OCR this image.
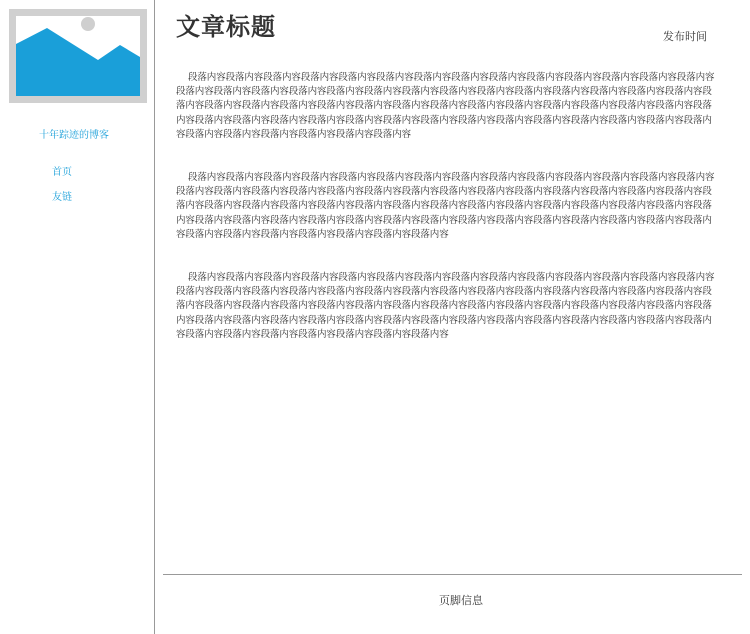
十年踪迹的博客
首页
友链
文章标题	发布时间

段落内容段落内容段落内容段落内容段落内容段落内容段落内容段落内容段落内容段落内容段落内容段落内容段落内容段落内容段落内容段落内容段落内容段落内容段落内容段落内容段落内容段落内容段落内容段落内容段落内容段落内容段落内容段落内容段落内容段落内容段落内容段落内容段落内容段落内容段落内容段落内容段落内容段落内容段落内容段落内容段落内容段落内容段落内容段落内容段落内容段落内容段落内容段落内容段落内容段落内容段落内容段落内容段落内容段落内容段落内容段落内容段落内容段落内容段落内容段落内容段落内容段落内容段落内容

段落内容段落内容段落内容段落内容段落内容段落内容段落内容段落内容段落内容段落内容段落内容段落内容段落内容段落内容段落内容段落内容段落内容段落内容段落内容段落内容段落内容段落内容段落内容段落内容段落内容段落内容段落内容段落内容段落内容段落内容段落内容段落内容段落内容段落内容段落内容段落内容段落内容段落内容段落内容段落内容段落内容段落内容段落内容段落内容段落内容段落内容段落内容段落内容段落内容段落内容段落内容段落内容段落内容段落内容段落内容段落内容段落内容段落内容段落内容段落内容段落内容段落内容段落内容段落内容

段落内容段落内容段落内容段落内容段落内容段落内容段落内容段落内容段落内容段落内容段落内容段落内容段落内容段落内容段落内容段落内容段落内容段落内容段落内容段落内容段落内容段落内容段落内容段落内容段落内容段落内容段落内容段落内容段落内容段落内容段落内容段落内容段落内容段落内容段落内容段落内容段落内容段落内容段落内容段落内容段落内容段落内容段落内容段落内容段落内容段落内容段落内容段落内容段落内容段落内容段落内容段落内容段落内容段落内容段落内容段落内容段落内容段落内容段落内容段落内容段落内容段落内容段落内容段落内容

页脚信息
